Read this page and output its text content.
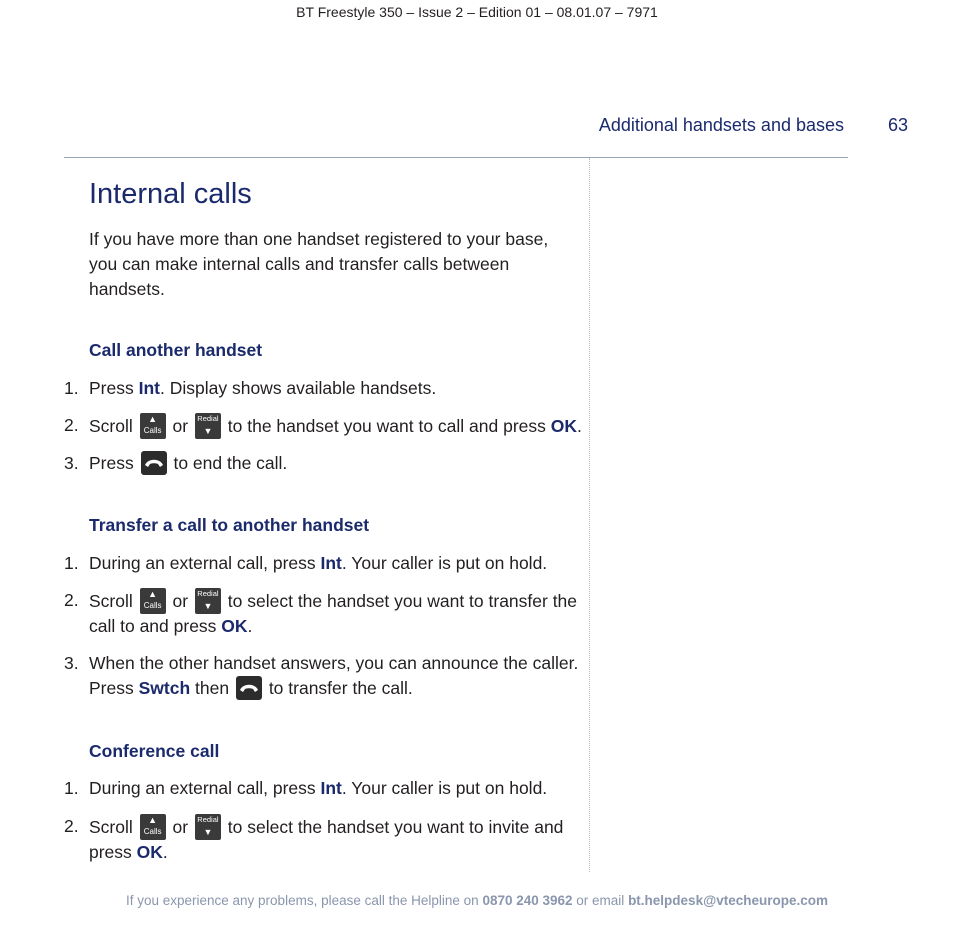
BT Freestyle 350 – Issue 2 – Edition 01 – 08.01.07 – 7971
Additional handsets and bases 63
Internal calls
If you have more than one handset registered to your base, you can make internal calls and transfer calls between handsets.
Call another handset
1. Press Int. Display shows available handsets.
2. Scroll	▲
Calls or Redial
▼ to the handset you want to call and press OK.
3. Press
to end the call.
Transfer a call to another handset
1. During an external call, press Int. Your caller is put on hold.
2. Scroll	▲
Calls or Redial
▼ to select the handset you want to transfer the call to and press OK.
3. When the other handset answers, you can announce the caller. Press Swtch then
to transfer the call.
Conference call
1. During an external call, press Int. Your caller is put on hold.
2. Scroll	▲
Calls or Redial
▼ to select the handset you want to invite and press OK.
If you experience any problems, please call the Helpline on 0870 240 3962 or email bt.helpdesk@vtecheurope.com
